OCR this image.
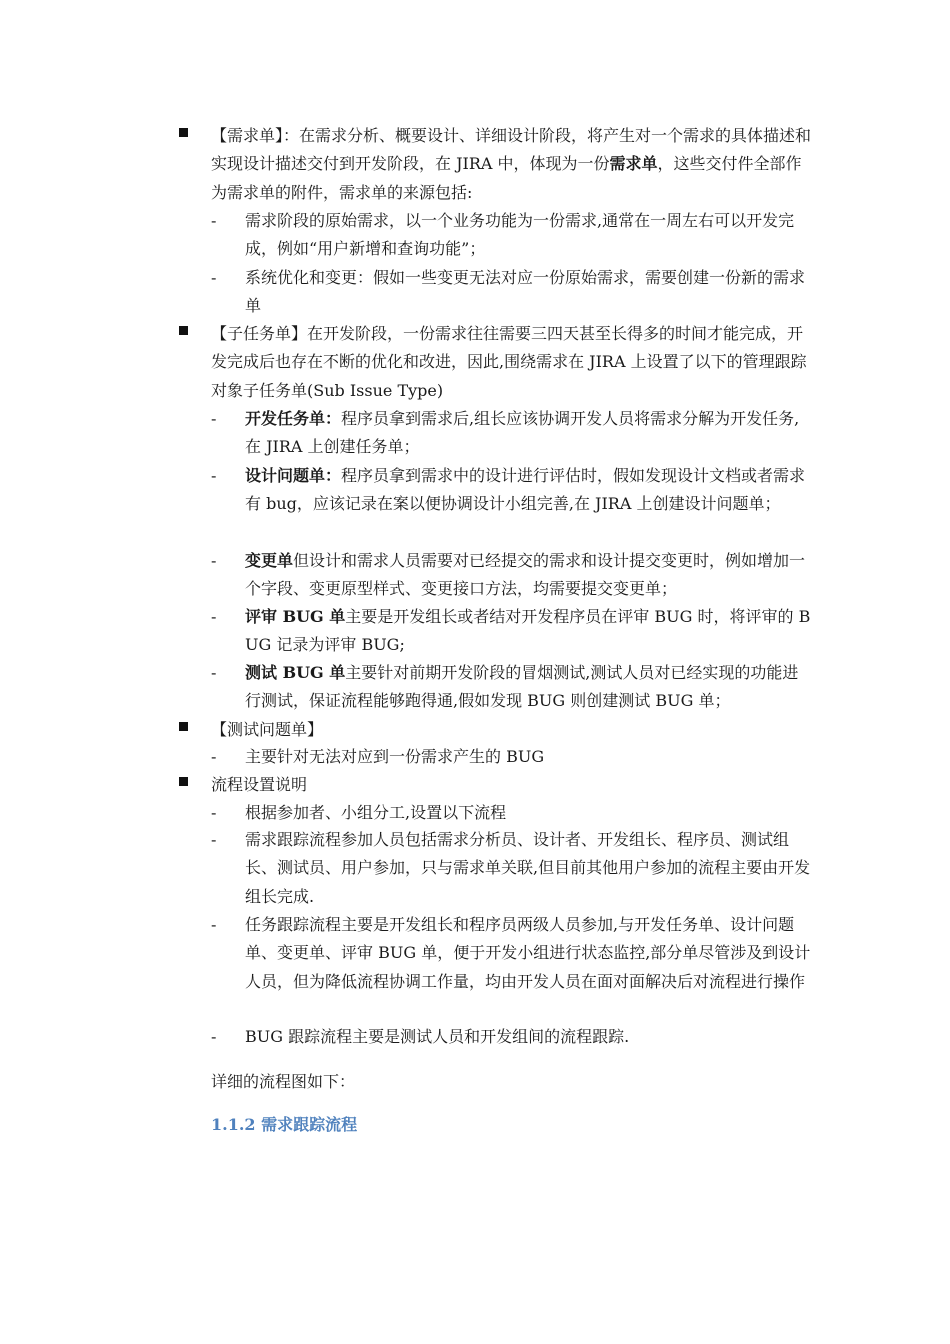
【需求单】：在需求分析、概要设计、详细设计阶段，将产生对一个需求的具体描述和实现设计描述交付到开发阶段，在 JIRA 中，体现为一份需求单，这些交付件全部作为需求单的附件，需求单的来源包括:
- 需求阶段的原始需求，以一个业务功能为一份需求,通常在一周左右可以开发完成，例如“用户新增和查询功能”；
- 系统优化和变更：假如一些变更无法对应一份原始需求，需要创建一份新的需求单
【子任务单】在开发阶段，一份需求往往需要三四天甚至长得多的时间才能完成，开发完成后也存在不断的优化和改进，因此,围绕需求在 JIRA 上设置了以下的管理跟踪对象子任务单(Sub Issue Type)
- 开发任务单：程序员拿到需求后,组长应该协调开发人员将需求分解为开发任务,在 JIRA 上创建任务单；
- 设计问题单：程序员拿到需求中的设计进行评估时，假如发现设计文档或者需求有 bug，应该记录在案以便协调设计小组完善,在 JIRA 上创建设计问题单；
- 变更单但设计和需求人员需要对已经提交的需求和设计提交变更时，例如增加一个字段、变更原型样式、变更接口方法，均需要提交变更单；
- 评审 BUG 单主要是开发组长或者结对开发程序员在评审 BUG 时，将评审的 BUG 记录为评审 BUG;
- 测试 BUG 单主要针对前期开发阶段的冒烟测试,测试人员对已经实现的功能进行测试，保证流程能够跑得通,假如发现 BUG 则创建测试 BUG 单；
【测试问题单】
- 主要针对无法对应到一份需求产生的 BUG
流程设置说明
- 根据参加者、小组分工,设置以下流程
- 需求跟踪流程参加人员包括需求分析员、设计者、开发组长、程序员、测试组长、测试员、用户参加，只与需求单关联,但目前其他用户参加的流程主要由开发组长完成.
- 任务跟踪流程主要是开发组长和程序员两级人员参加,与开发任务单、设计问题单、变更单、评审 BUG 单，便于开发小组进行状态监控,部分单尽管涉及到设计人员，但为降低流程协调工作量，均由开发人员在面对面解决后对流程进行操作
- BUG 跟踪流程主要是测试人员和开发组间的流程跟踪.
详细的流程图如下：
1.1.2 需求跟踪流程
